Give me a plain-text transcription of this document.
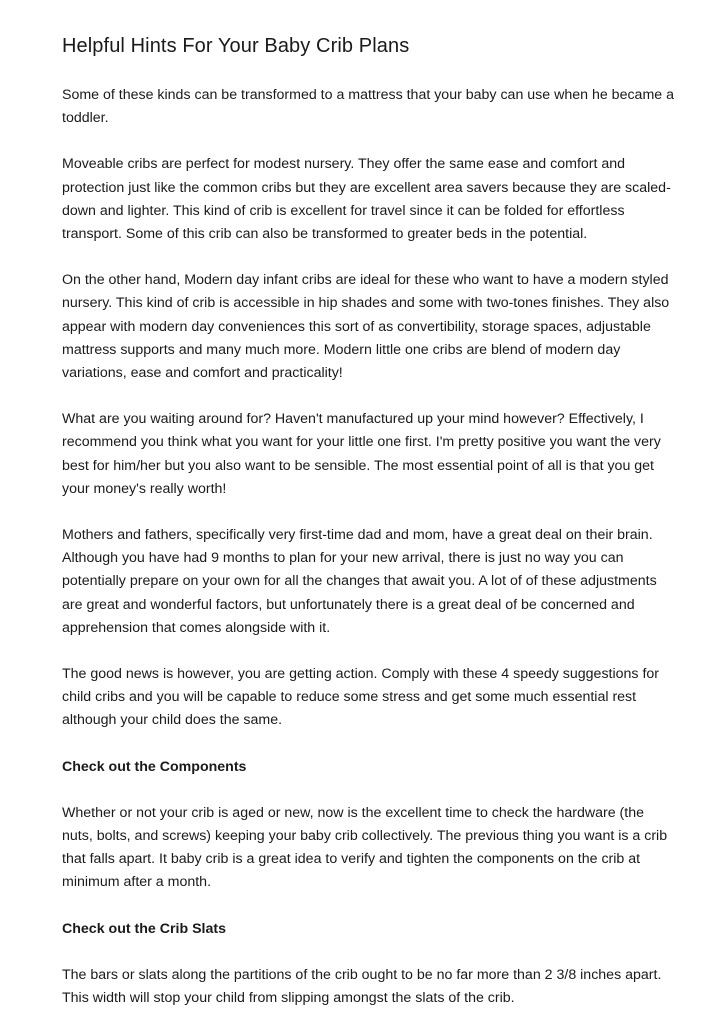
Helpful Hints For Your Baby Crib Plans

Some of these kinds can be transformed to a mattress that your baby can use when he became a toddler.

Moveable cribs are perfect for modest nursery. They offer the same ease and comfort and protection just like the common cribs but they are excellent area savers because they are scaled-down and lighter. This kind of crib is excellent for travel since it can be folded for effortless transport. Some of this crib can also be transformed to greater beds in the potential.

On the other hand, Modern day infant cribs are ideal for these who want to have a modern styled nursery. This kind of crib is accessible in hip shades and some with two-tones finishes. They also appear with modern day conveniences this sort of as convertibility, storage spaces, adjustable mattress supports and many much more. Modern little one cribs are blend of modern day variations, ease and comfort and practicality!

What are you waiting around for? Haven't manufactured up your mind however? Effectively, I recommend you think what you want for your little one first. I'm pretty positive you want the very best for him/her but you also want to be sensible. The most essential point of all is that you get your money's really worth!

Mothers and fathers, specifically very first-time dad and mom, have a great deal on their brain. Although you have had 9 months to plan for your new arrival, there is just no way you can potentially prepare on your own for all the changes that await you. A lot of of these adjustments are great and wonderful factors, but unfortunately there is a great deal of be concerned and apprehension that comes alongside with it.

The good news is however, you are getting action. Comply with these 4 speedy suggestions for child cribs and you will be capable to reduce some stress and get some much essential rest although your child does the same.

Check out the Components

Whether or not your crib is aged or new, now is the excellent time to check the hardware (the nuts, bolts, and screws) keeping your baby crib collectively. The previous thing you want is a crib that falls apart. It baby crib is a great idea to verify and tighten the components on the crib at minimum after a month.

Check out the Crib Slats

The bars or slats along the partitions of the crib ought to be no far more than 2 3/8 inches apart. This width will stop your child from slipping amongst the slats of the crib.
